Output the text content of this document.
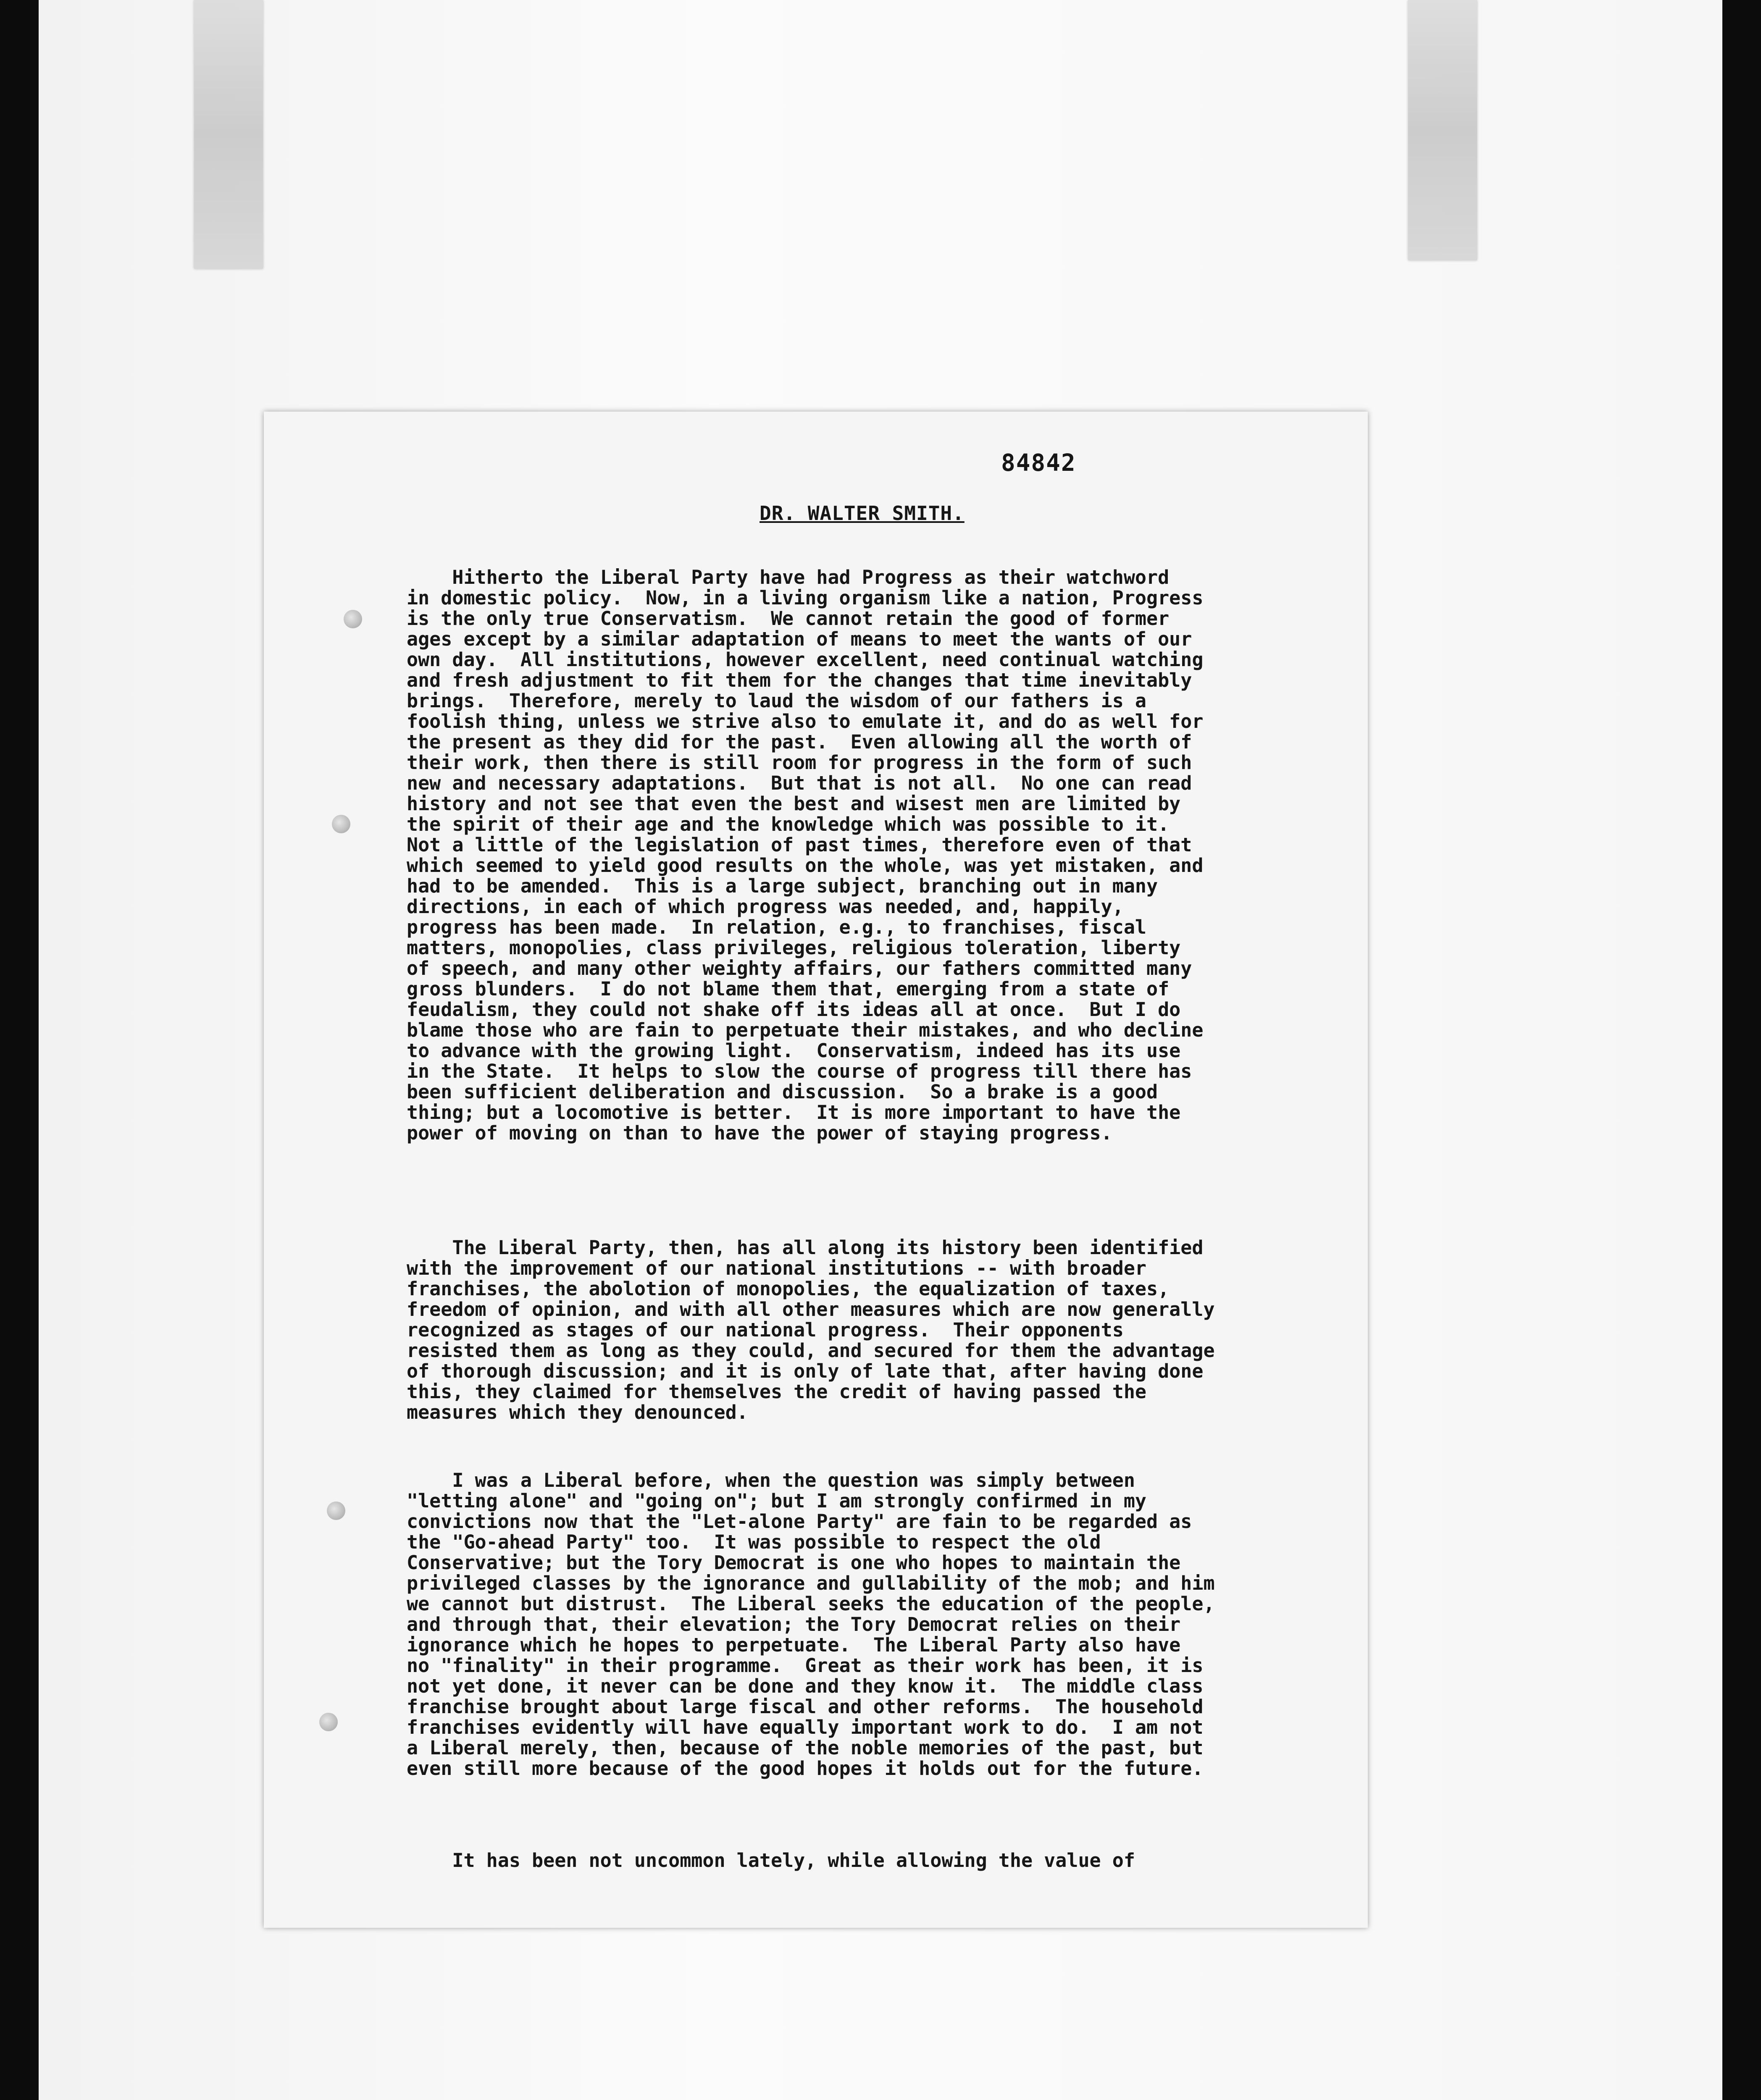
84842
DR. WALTER SMITH.
Hitherto the Liberal Party have had Progress as their watchword
in domestic policy.  Now, in a living organism like a nation, Progress
is the only true Conservatism.  We cannot retain the good of former
ages except by a similar adaptation of means to meet the wants of our
own day.  All institutions, however excellent, need continual watching
and fresh adjustment to fit them for the changes that time inevitably
brings.  Therefore, merely to laud the wisdom of our fathers is a
foolish thing, unless we strive also to emulate it, and do as well for
the present as they did for the past.  Even allowing all the worth of
their work, then there is still room for progress in the form of such
new and necessary adaptations.  But that is not all.  No one can read
history and not see that even the best and wisest men are limited by
the spirit of their age and the knowledge which was possible to it.
Not a little of the legislation of past times, therefore even of that
which seemed to yield good results on the whole, was yet mistaken, and
had to be amended.  This is a large subject, branching out in many
directions, in each of which progress was needed, and, happily,
progress has been made.  In relation, e.g., to franchises, fiscal
matters, monopolies, class privileges, religious toleration, liberty
of speech, and many other weighty affairs, our fathers committed many
gross blunders.  I do not blame them that, emerging from a state of
feudalism, they could not shake off its ideas all at once.  But I do
blame those who are fain to perpetuate their mistakes, and who decline
to advance with the growing light.  Conservatism, indeed has its use
in the State.  It helps to slow the course of progress till there has
been sufficient deliberation and discussion.  So a brake is a good
thing; but a locomotive is better.  It is more important to have the
power of moving on than to have the power of staying progress.
The Liberal Party, then, has all along its history been identified
with the improvement of our national institutions -- with broader
franchises, the abolotion of monopolies, the equalization of taxes,
freedom of opinion, and with all other measures which are now generally
recognized as stages of our national progress.  Their opponents
resisted them as long as they could, and secured for them the advantage
of thorough discussion; and it is only of late that, after having done
this, they claimed for themselves the credit of having passed the
measures which they denounced.
I was a Liberal before, when the question was simply between
"letting alone" and "going on"; but I am strongly confirmed in my
convictions now that the "Let-alone Party" are fain to be regarded as
the "Go-ahead Party" too.  It was possible to respect the old
Conservative; but the Tory Democrat is one who hopes to maintain the
privileged classes by the ignorance and gullability of the mob; and him
we cannot but distrust.  The Liberal seeks the education of the people,
and through that, their elevation; the Tory Democrat relies on their
ignorance which he hopes to perpetuate.  The Liberal Party also have
no "finality" in their programme.  Great as their work has been, it is
not yet done, it never can be done and they know it.  The middle class
franchise brought about large fiscal and other reforms.  The household
franchises evidently will have equally important work to do.  I am not
a Liberal merely, then, because of the noble memories of the past, but
even still more because of the good hopes it holds out for the future.
It has been not uncommon lately, while allowing the value of
